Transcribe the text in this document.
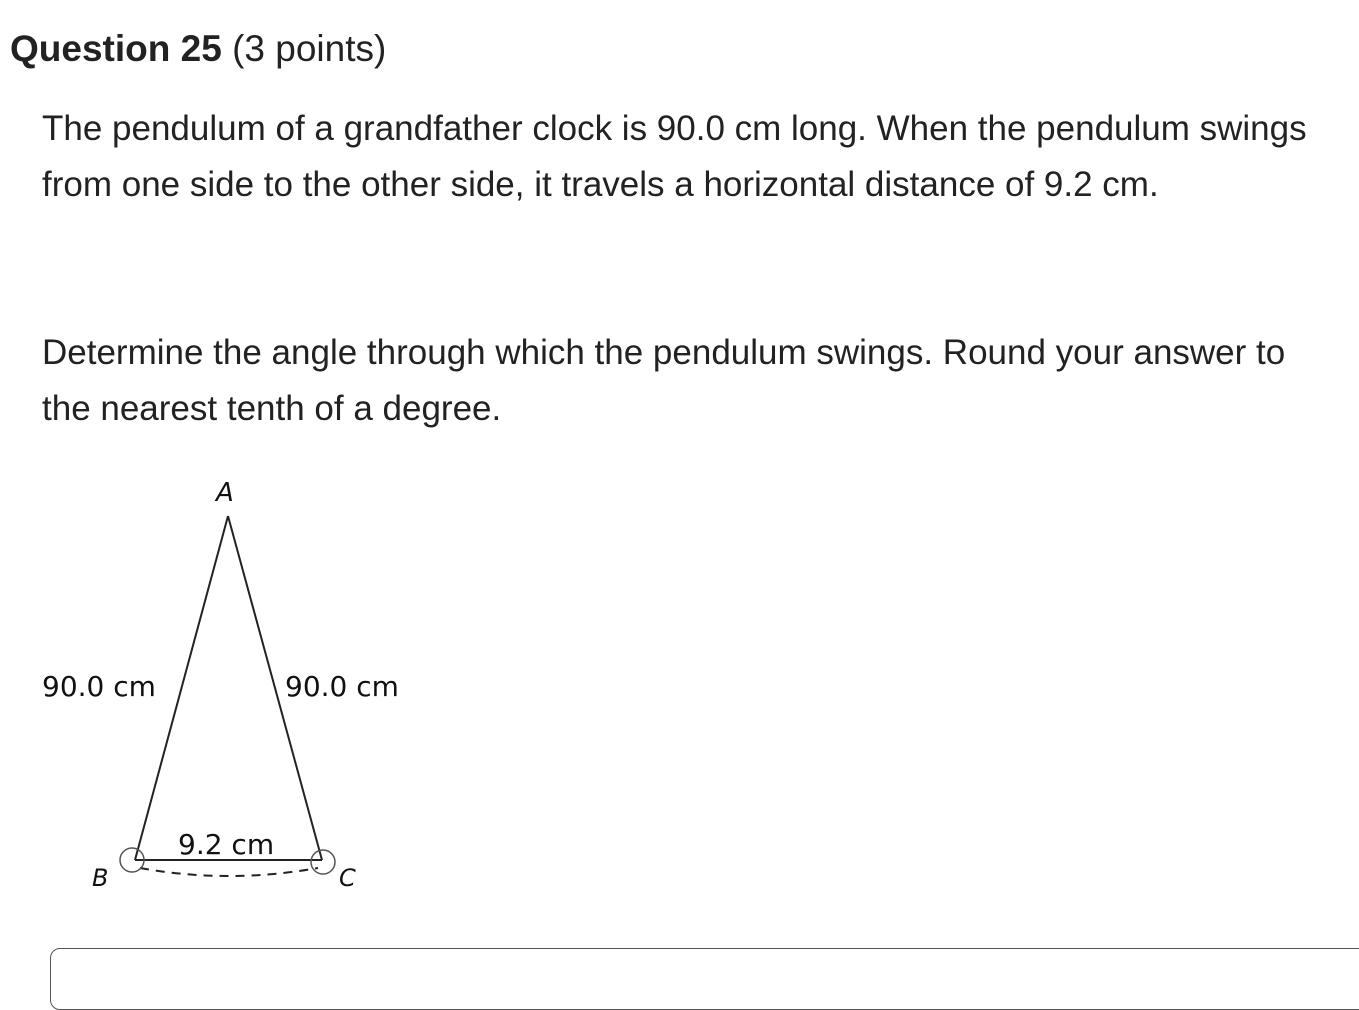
Question 25 (3 points)
The pendulum of a grandfather clock is 90.0 cm long. When the pendulum swings from one side to the other side, it travels a horizontal distance of 9.2 cm.
Determine the angle through which the pendulum swings. Round your answer to the nearest tenth of a degree.
A
B	C
90.0 cm	90.0 cm
9.2 cm
